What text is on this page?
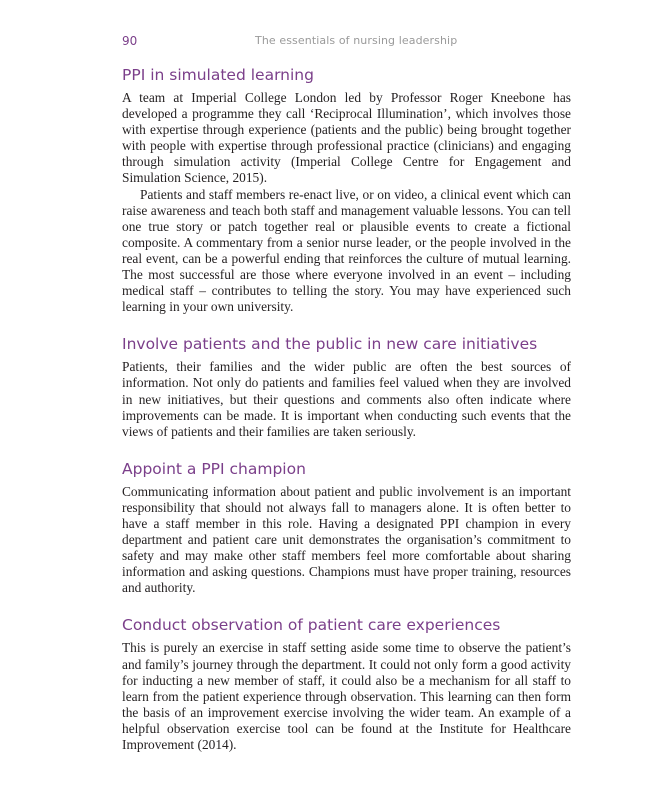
90	The essentials of nursing leadership
PPI in simulated learning

A team at Imperial College London led by Professor Roger Kneebone has developed a programme they call ‘Reciprocal Illumination’, which involves those with expertise through experience (patients and the public) being brought together with people with expertise through professional practice (clinicians) and engaging through simulation activity (Imperial College Centre for Engagement and Simulation Science, 2015).

Patients and staff members re-enact live, or on video, a clinical event which can raise awareness and teach both staff and management valuable lessons. You can tell one true story or patch together real or plausible events to create a fictional composite. A commentary from a senior nurse leader, or the people involved in the real event, can be a powerful ending that reinforces the culture of mutual learning. The most successful are those where everyone involved in an event – including medical staff – contributes to telling the story. You may have experienced such learning in your own university.

Involve patients and the public in new care initiatives

Patients, their families and the wider public are often the best sources of information. Not only do patients and families feel valued when they are involved in new initiatives, but their questions and comments also often indicate where improvements can be made. It is important when conducting such events that the views of patients and their families are taken seriously.

Appoint a PPI champion

Communicating information about patient and public involvement is an important responsibility that should not always fall to managers alone. It is often better to have a staff member in this role. Having a designated PPI champion in every department and patient care unit demonstrates the organisation’s commitment to safety and may make other staff members feel more comfortable about sharing information and asking questions. Champions must have proper training, resources and authority.

Conduct observation of patient care experiences

This is purely an exercise in staff setting aside some time to observe the patient’s and family’s journey through the department. It could not only form a good activity for inducting a new member of staff, it could also be a mechanism for all staff to learn from the patient experience through observation. This learning can then form the basis of an improvement exercise involving the wider team. An example of a helpful observation exercise tool can be found at the Institute for Healthcare Improvement (2014).
